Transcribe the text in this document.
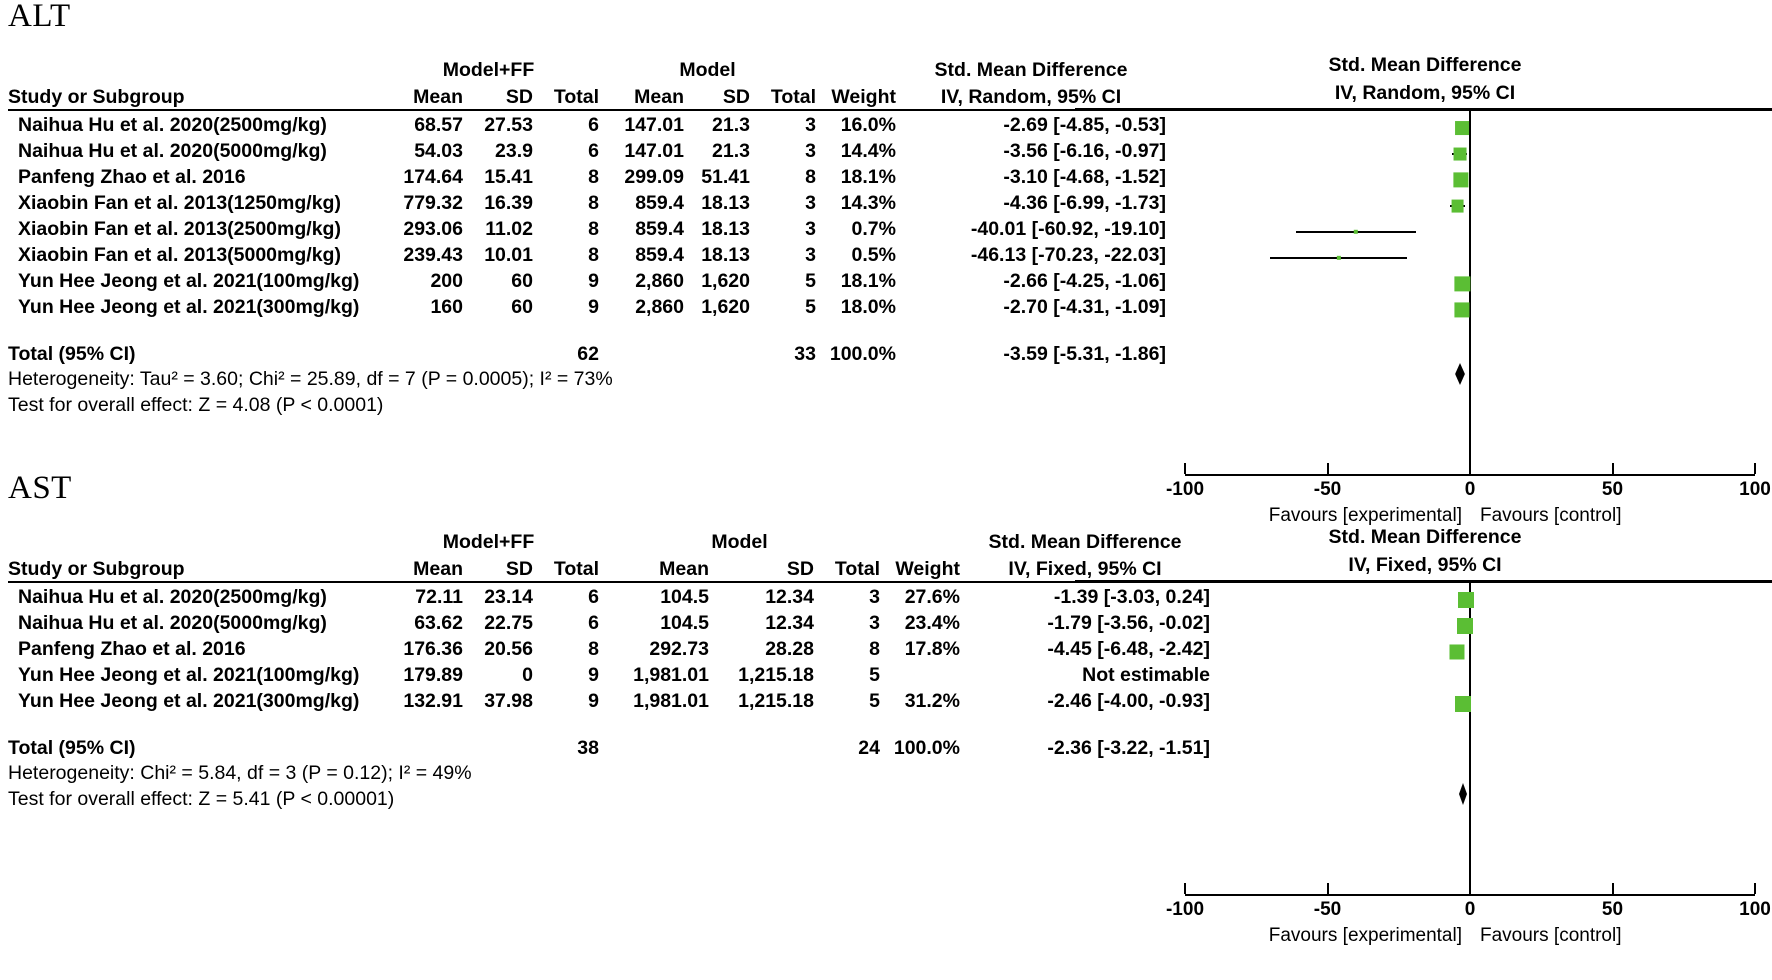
ALT
	Model+FF			Model				Std. Mean Difference
Study or Subgroup	Mean	SD	Total	Mean	SD	Total	Weight	IV, Random, 95% CI
Naihua Hu et al. 2020(2500mg/kg)	68.57	27.53	6	147.01	21.3	3	16.0%	-2.69 [-4.85, -0.53]
Naihua Hu et al. 2020(5000mg/kg)	54.03	23.9	6	147.01	21.3	3	14.4%	-3.56 [-6.16, -0.97]
Panfeng Zhao et al. 2016	174.64	15.41	8	299.09	51.41	8	18.1%	-3.10 [-4.68, -1.52]
Xiaobin Fan et al. 2013(1250mg/kg)	779.32	16.39	8	859.4	18.13	3	14.3%	-4.36 [-6.99, -1.73]
Xiaobin Fan et al. 2013(2500mg/kg)	293.06	11.02	8	859.4	18.13	3	0.7%	-40.01 [-60.92, -19.10]
Xiaobin Fan et al. 2013(5000mg/kg)	239.43	10.01	8	859.4	18.13	3	0.5%	-46.13 [-70.23, -22.03]
Yun Hee Jeong et al. 2021(100mg/kg)	200	60	9	2,860	1,620	5	18.1%	-2.66 [-4.25, -1.06]
Yun Hee Jeong et al. 2021(300mg/kg)	160	60	9	2,860	1,620	5	18.0%	-2.70 [-4.31, -1.09]

Total (95% CI)			62			33	100.0%	-3.59 [-5.31, -1.86]
Heterogeneity: Tau² = 3.60; Chi² = 25.89, df = 7 (P = 0.0005); I² = 73%
Test for overall effect: Z = 4.08 (P < 0.0001)
Std. Mean Difference
IV, Random, 95% CI
-100	-50	0	50	100
Favours [experimental] Favours [control]
AST
	Model+FF			Model				Std. Mean Difference
Study or Subgroup	Mean	SD	Total	Mean	SD	Total	Weight	IV, Fixed, 95% CI
Naihua Hu et al. 2020(2500mg/kg)	72.11	23.14	6	104.5	12.34	3	27.6%	-1.39 [-3.03, 0.24]
Naihua Hu et al. 2020(5000mg/kg)	63.62	22.75	6	104.5	12.34	3	23.4%	-1.79 [-3.56, -0.02]
Panfeng Zhao et al. 2016	176.36	20.56	8	292.73	28.28	8	17.8%	-4.45 [-6.48, -2.42]
Yun Hee Jeong et al. 2021(100mg/kg)	179.89	0	9	1,981.01	1,215.18	5		Not estimable
Yun Hee Jeong et al. 2021(300mg/kg)	132.91	37.98	9	1,981.01	1,215.18	5	31.2%	-2.46 [-4.00, -0.93]

Total (95% CI)			38			24	100.0%	-2.36 [-3.22, -1.51]
Heterogeneity: Chi² = 5.84, df = 3 (P = 0.12); I² = 49%
Test for overall effect: Z = 5.41 (P < 0.00001)
Std. Mean Difference
IV, Fixed, 95% CI
-100	-50	0	50	100
Favours [experimental] Favours [control]
